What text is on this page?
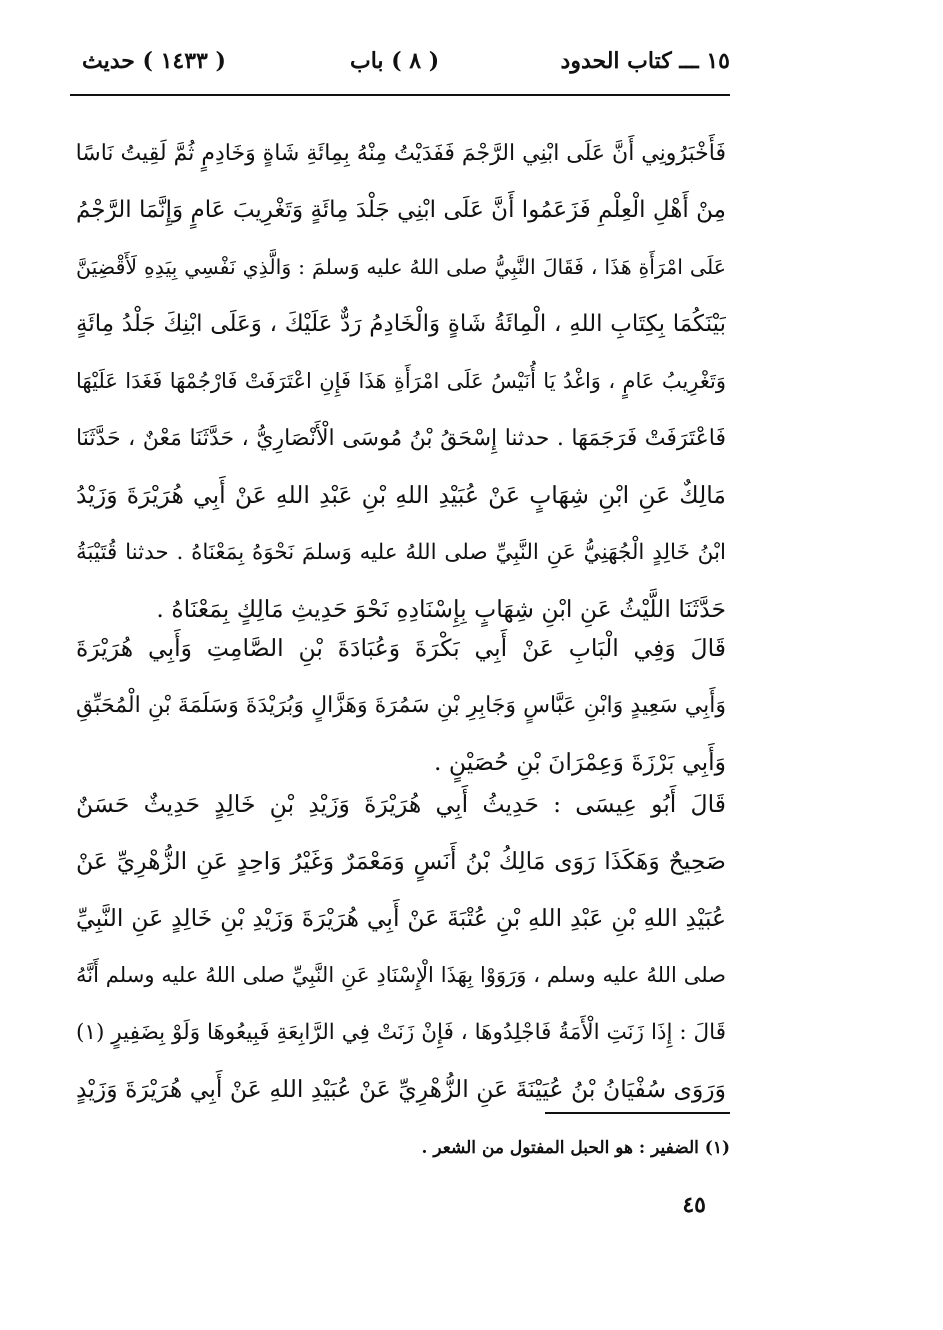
١٥ ـــ كتاب الحدود
( ٨ ) باب
( ١٤٣٣ ) حديث
فَأَخْبَرُونِي أَنَّ عَلَى ابْنِي الرَّجْمَ فَفَدَيْتُ مِنْهُ بِمِائَةِ شَاةٍ وَخَادِمٍ ثُمَّ لَقِيتُ نَاسًا
مِنْ أَهْلِ الْعِلْمِ فَزَعَمُوا أَنَّ عَلَى ابْنِي جَلْدَ مِائَةٍ وَتَغْرِيبَ عَامٍ وَإِنَّمَا الرَّجْمُ
عَلَى امْرَأَةِ هَذَا ، فَقَالَ النَّبِيُّ صلى اللهُ عليه وَسلمَ : وَالَّذِي نَفْسِي بِيَدِهِ لَأَقْضِيَنَّ
بَيْنَكُمَا بِكِتَابِ اللهِ ، الْمِائَةُ شَاةٍ وَالْخَادِمُ رَدٌّ عَلَيْكَ ، وَعَلَى ابْنِكَ جَلْدُ مِائَةٍ
وَتَغْرِيبُ عَامٍ ، وَاغْدُ يَا أُنَيْسُ عَلَى امْرَأَةِ هَذَا فَإِنِ اعْتَرَفَتْ فَارْجُمْهَا فَغَدَا عَلَيْهَا
فَاعْتَرَفَتْ فَرَجَمَهَا . حدثنا إِسْحَقُ بْنُ مُوسَى الْأَنْصَارِيُّ ، حَدَّثَنَا مَعْنٌ ، حَدَّثَنَا
مَالِكٌ عَنِ ابْنِ شِهَابٍ عَنْ عُبَيْدِ اللهِ بْنِ عَبْدِ اللهِ عَنْ أَبِي هُرَيْرَةَ وَزَيْدُ
ابْنُ خَالِدٍ الْجُهَنِيُّ عَنِ النَّبِيِّ صلى اللهُ عليه وَسلمَ نَحْوَهُ بِمَعْنَاهُ . حدثنا قُتَيْبَةُ
حَدَّثَنَا اللَّيْثُ عَنِ ابْنِ شِهَابٍ بِإِسْنَادِهِ نَحْوَ حَدِيثِ مَالِكٍ بِمَعْنَاهُ .
قَالَ وَفِي الْبَابِ عَنْ أَبِي بَكْرَةَ وَعُبَادَةَ بْنِ الصَّامِتِ وَأَبِي هُرَيْرَةَ
وَأَبِي سَعِيدٍ وَابْنِ عَبَّاسٍ وَجَابِرِ بْنِ سَمُرَةَ وَهَزَّالٍ وَبُرَيْدَةَ وَسَلَمَةَ بْنِ الْمُحَبِّقِ
وَأَبِي بَرْزَةَ وَعِمْرَانَ بْنِ حُصَيْنٍ .
قَالَ أَبُو عِيسَى : حَدِيثُ أَبِي هُرَيْرَةَ وَزَيْدِ بْنِ خَالِدٍ حَدِيثٌ حَسَنٌ
صَحِيحٌ وَهَكَذَا رَوَى مَالِكُ بْنُ أَنَسٍ وَمَعْمَرٌ وَغَيْرُ وَاحِدٍ عَنِ الزُّهْرِيِّ عَنْ
عُبَيْدِ اللهِ بْنِ عَبْدِ اللهِ بْنِ عُتْبَةَ عَنْ أَبِي هُرَيْرَةَ وَزَيْدِ بْنِ خَالِدٍ عَنِ النَّبِيِّ
صلى اللهُ عليه وسلم ، وَرَوَوْا بِهَذَا الْإِسْنَادِ عَنِ النَّبِيِّ صلى اللهُ عليه وسلم أَنَّهُ
قَالَ : إِذَا زَنَتِ الْأَمَةُ فَاجْلِدُوهَا ، فَإِنْ زَنَتْ فِي الرَّابِعَةِ فَبِيعُوهَا وَلَوْ بِضَفِيرٍ (١)
وَرَوَى سُفْيَانُ بْنُ عُيَيْنَةَ عَنِ الزُّهْرِيِّ عَنْ عُبَيْدِ اللهِ عَنْ أَبِي هُرَيْرَةَ وَزَيْدٍ
(١) الضفير : هو الحبل المفتول من الشعر .
٤٥
